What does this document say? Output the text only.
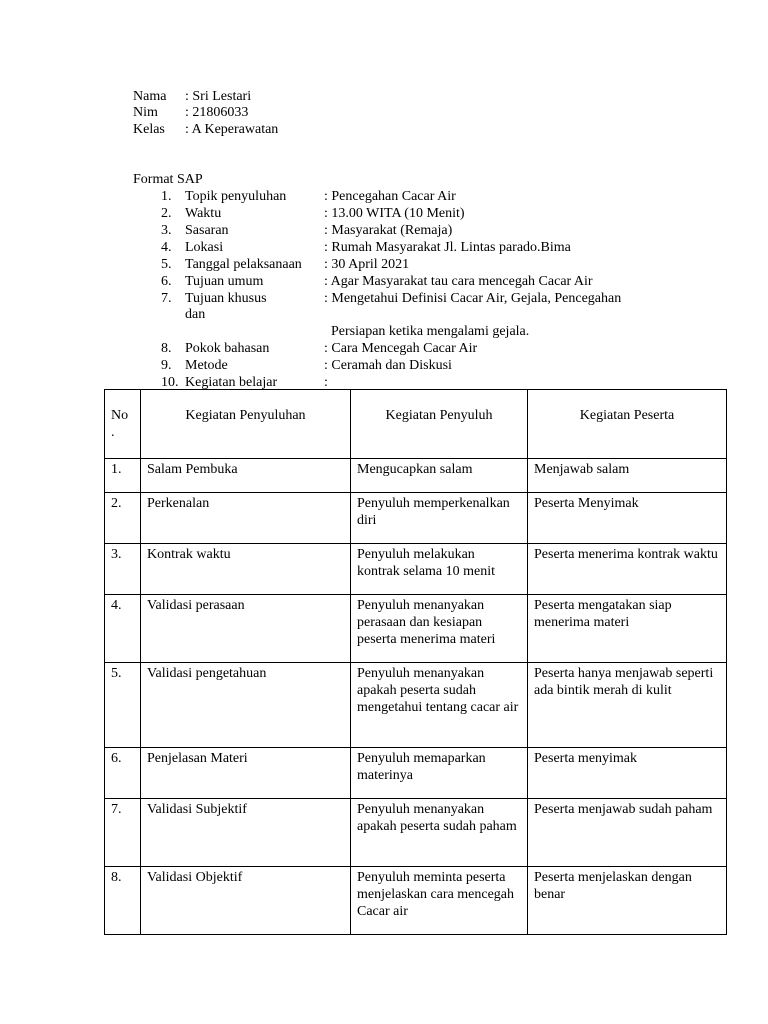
Nama : Sri Lestari
Nim : 21806033
Kelas : A Keperawatan
Format SAP
1. Topik penyuluhan	: Pencegahan Cacar Air
2. Waktu	: 13.00 WITA (10 Menit)
3. Sasaran	: Masyarakat (Remaja)
4. Lokasi	: Rumah Masyarakat Jl. Lintas parado.Bima
5. Tanggal pelaksanaan : 30 April 2021
6. Tujuan umum	: Agar Masyarakat tau cara mencegah Cacar Air
7. Tujuan khusus	: Mengetahui Definisi Cacar Air, Gejala, Pencegahan
dan
Persiapan ketika mengalami gejala.
8. Pokok bahasan	: Cara Mencegah Cacar Air
9. Metode	: Ceramah dan Diskusi
10. Kegiatan belajar	:
No
.	Kegiatan Penyuluhan	Kegiatan Penyuluh	Kegiatan Peserta

1.	Salam Pembuka	Mengucapkan salam	Menjawab salam

2.	Perkenalan	Penyuluh memperkenalkan diri	Peserta Menyimak

3.	Kontrak waktu	Penyuluh melakukan kontrak selama 10 menit	Peserta menerima kontrak waktu

4.	Validasi perasaan	Penyuluh menanyakan perasaan dan kesiapan peserta menerima materi	Peserta mengatakan siap menerima materi

5.	Validasi pengetahuan	Penyuluh menanyakan apakah peserta sudah mengetahui tentang cacar air	Peserta hanya menjawab seperti ada bintik merah di kulit

6.	Penjelasan Materi	Penyuluh memaparkan materinya	Peserta menyimak

7.	Validasi Subjektif	Penyuluh menanyakan apakah peserta sudah paham	Peserta menjawab sudah paham

8.	Validasi Objektif	Penyuluh meminta peserta menjelaskan cara mencegah Cacar air	Peserta menjelaskan dengan benar
